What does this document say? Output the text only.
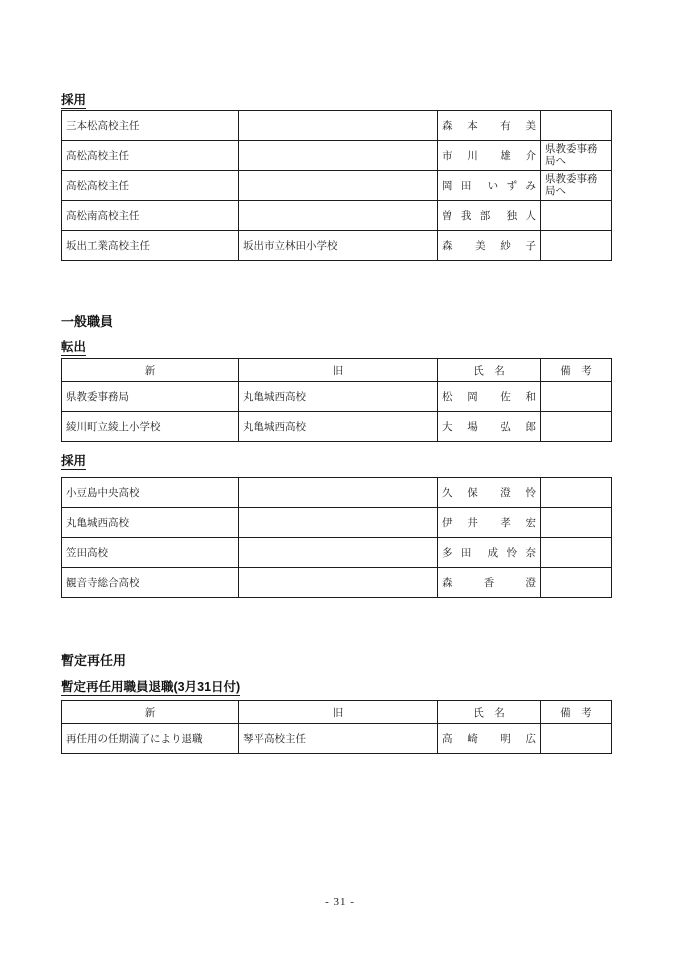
採用
三本松高校主任		森 本　有 美	
高松高校主任		市 川　雄 介	県教委事務局へ
高松高校主任		岡 田　い ず み	県教委事務局へ
高松南高校主任		曽 我 部　独 人	
坂出工業高校主任	坂出市立林田小学校	森　美 紗 子	
一般職員
転出
新	旧	氏　名	備　考
県教委事務局	丸亀城西高校	松 岡　佐 和	
綾川町立綾上小学校	丸亀城西高校	大 場　弘 郎	
採用
小豆島中央高校		久 保　澄 怜	
丸亀城西高校		伊 井　孝 宏	
笠田高校		多 田　成 怜 奈	
観音寺総合高校		森　香　澄	
暫定再任用
暫定再任用職員退職(3月31日付)
新	旧	氏　名	備　考
再任用の任期満了により退職	琴平高校主任	高 崎　明 広	
- 31 -
